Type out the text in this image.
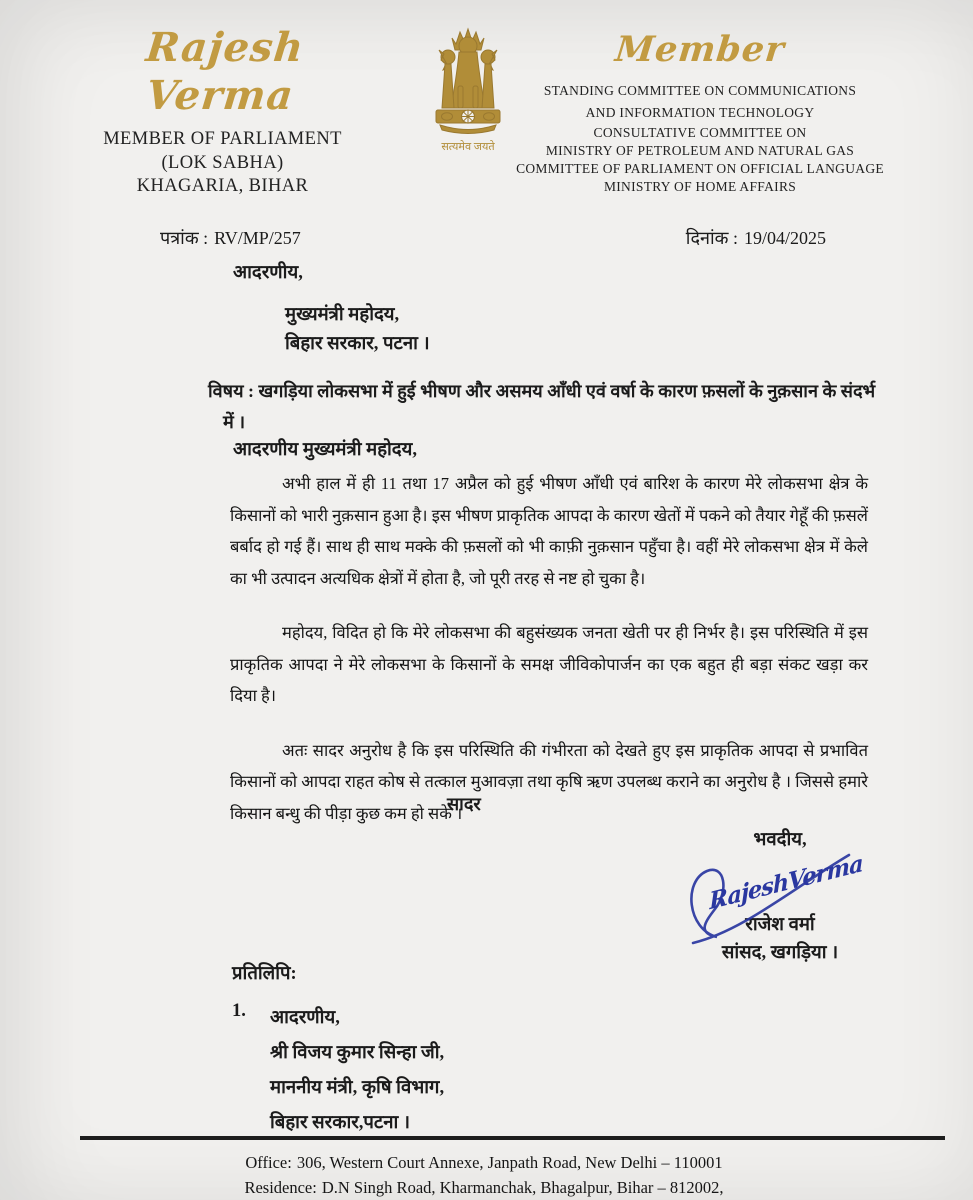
Rajesh Verma
MEMBER OF PARLIAMENT
(LOK SABHA)
KHAGARIA, BIHAR
सत्यमेव जयते
Member
STANDING COMMITTEE ON COMMUNICATIONS
AND INFORMATION TECHNOLOGY
CONSULTATIVE COMMITTEE ON
MINISTRY OF PETROLEUM AND NATURAL GAS
COMMITTEE OF PARLIAMENT ON OFFICIAL LANGUAGE
MINISTRY OF HOME AFFAIRS
पत्रांक : RV/MP/257	दिनांक : 19/04/2025
आदरणीय,
मुख्यमंत्री महोदय,
बिहार सरकार, पटना ।
विषय : खगड़िया लोकसभा में हुई भीषण और असमय आँधी एवं वर्षा के कारण फ़सलों के नुक़सान के संदर्भ में ।
आदरणीय मुख्यमंत्री महोदय,

अभी हाल में ही 11 तथा 17 अप्रैल को हुई भीषण आँधी एवं बारिश के कारण मेरे लोकसभा क्षेत्र के किसानों को भारी नुक़सान हुआ है। इस भीषण प्राकृतिक आपदा के कारण खेतों में पकने को तैयार गेहूँ की फ़सलें बर्बाद हो गई हैं। साथ ही साथ मक्के की फ़सलों को भी काफ़ी नुक़सान पहुँचा है। वहीं मेरे लोकसभा क्षेत्र में केले का भी उत्पादन अत्यधिक क्षेत्रों में होता है, जो पूरी तरह से नष्ट हो चुका है।

महोदय, विदित हो कि मेरे लोकसभा की बहुसंख्यक जनता खेती पर ही निर्भर है। इस परिस्थिति में इस प्राकृतिक आपदा ने मेरे लोकसभा के किसानों के समक्ष जीविकोपार्जन का एक बहुत ही बड़ा संकट खड़ा कर दिया है।

अतः सादर अनुरोध है कि इस परिस्थिति की गंभीरता को देखते हुए इस प्राकृतिक आपदा से प्रभावित किसानों को आपदा राहत कोष से तत्काल मुआवज़ा तथा कृषि ऋण उपलब्ध कराने का अनुरोध है । जिससे हमारे किसान बन्धु की पीड़ा कुछ कम हो सके ।

सादर
भवदीय,
RajeshVerma
राजेश वर्मा
सांसद, खगड़िया ।
प्रतिलिपि:
1.	आदरणीय,
श्री विजय कुमार सिन्हा जी,
माननीय मंत्री, कृषि विभाग,
बिहार सरकार,पटना ।
Office: 306, Western Court Annexe, Janpath Road, New Delhi – 110001
Residence: D.N Singh Road, Kharmanchak, Bhagalpur, Bihar – 812002,
